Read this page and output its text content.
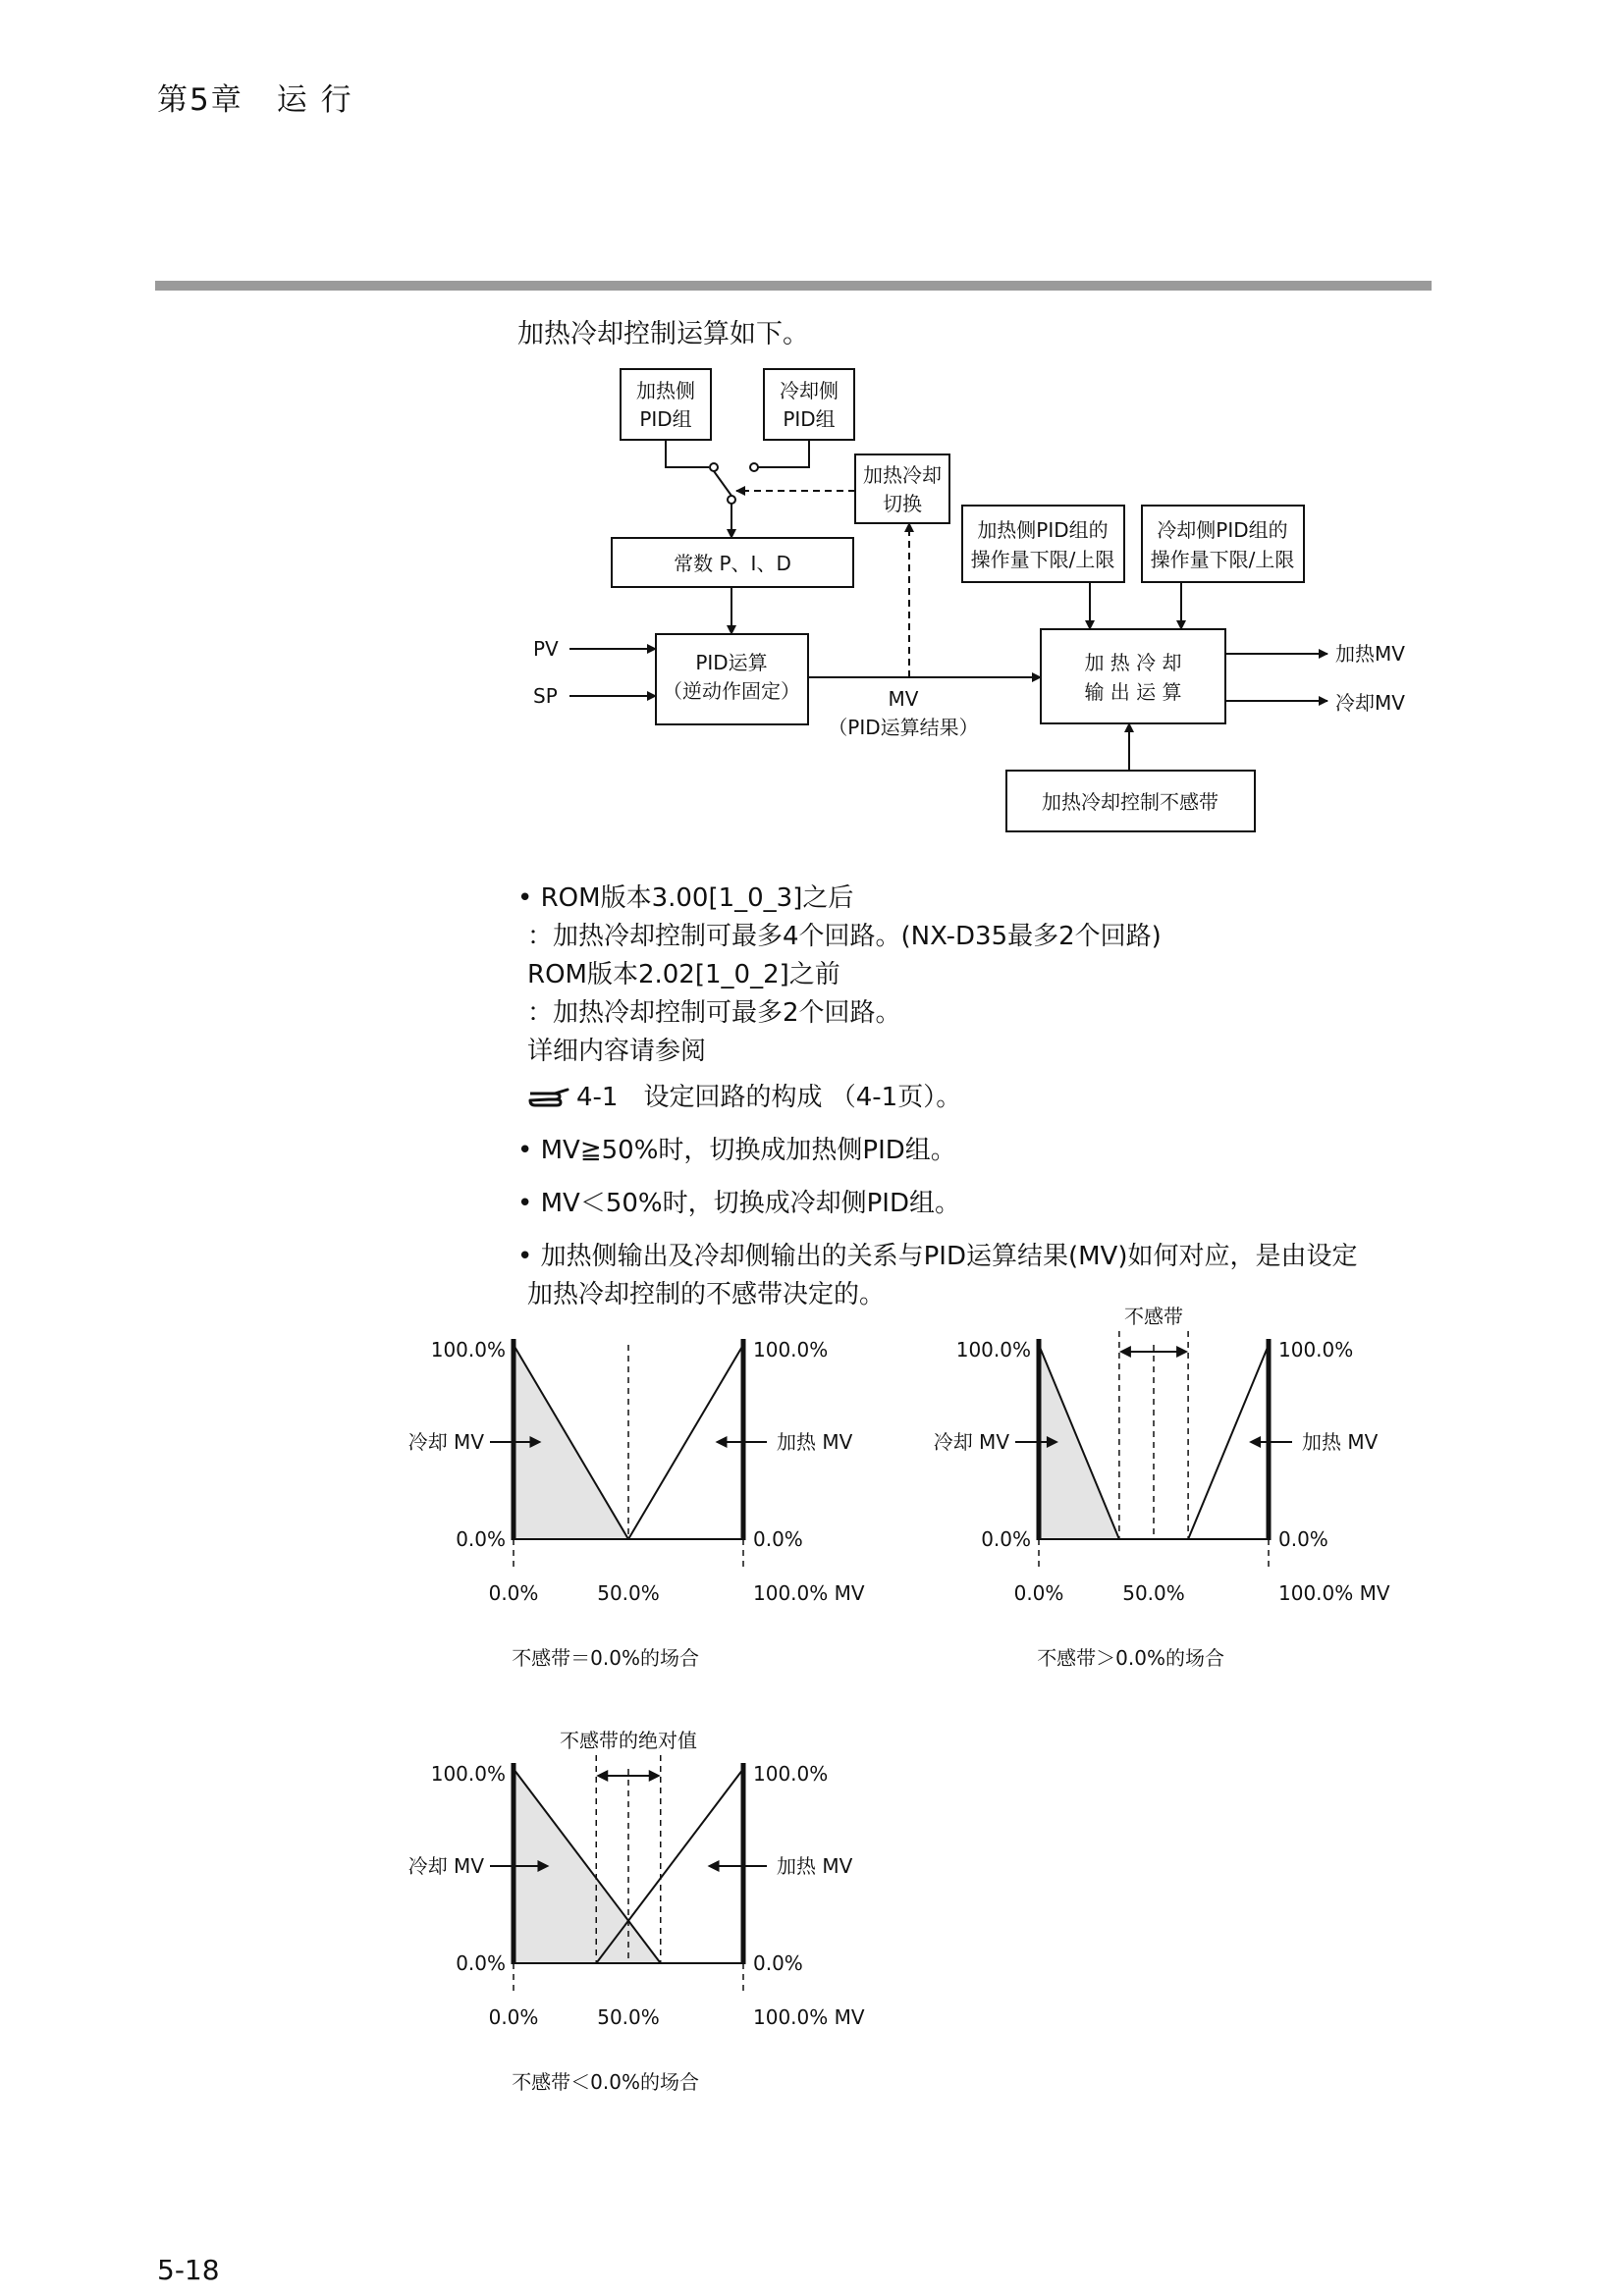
第5章 运 行
加热冷却控制运算如下。
加热侧
PID组
冷却侧
PID组
加热冷却
切换
常数 P、I、D
PID运算
（逆动作固定）
PV
SP	MV
（PID运算结果）
加热侧PID组的
操作量下限/上限
冷却侧PID组的
操作量下限/上限
加 热 冷 却
输 出 运 算
加热MV
冷却MV
加热冷却控制不感带
• ROM版本3.00[1_0_3]之后
：加热冷却控制可最多4个回路。(NX-D35最多2个回路)
ROM版本2.02[1_0_2]之前
：加热冷却控制可最多2个回路。
详细内容请参阅
4-1　设定回路的构成 （4-1页）。
• MV≧50%时，切换成加热侧PID组。
• MV＜50%时，切换成冷却侧PID组。
• 加热侧输出及冷却侧输出的关系与PID运算结果(MV)如何对应，是由设定
加热冷却控制的不感带决定的。
100.0%	100.0%
0.0%	0.0%
冷却 MV	加热 MV
0.0%	50.0%	100.0% MV
不感带＝0.0%的场合
不感带
100.0%	100.0%
0.0%	0.0%
冷却 MV	加热 MV
0.0%	50.0%	100.0% MV
不感带＞0.0%的场合
不感带的绝对值
100.0%	100.0%
0.0%	0.0%
冷却 MV	加热 MV
0.0%	50.0%	100.0% MV
不感带＜0.0%的场合
5-18
